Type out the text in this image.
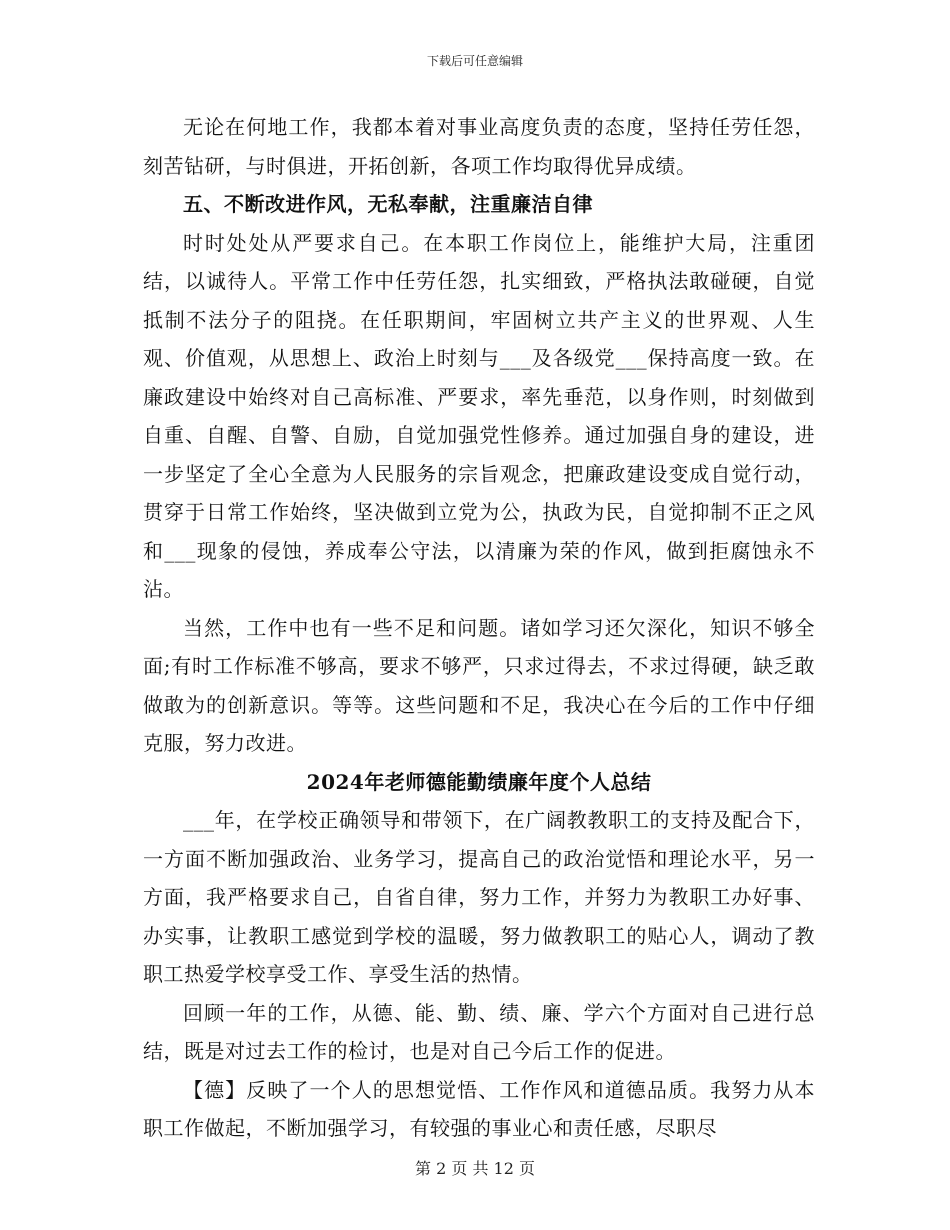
下载后可任意编辑

无论在何地工作，我都本着对事业高度负责的态度，坚持任劳任怨，刻苦钻研，与时俱进，开拓创新，各项工作均取得优异成绩。

五、不断改进作风，无私奉献，注重廉洁自律

时时处处从严要求自己。在本职工作岗位上，能维护大局，注重团结，以诚待人。平常工作中任劳任怨，扎实细致，严格执法敢碰硬，自觉抵制不法分子的阻挠。在任职期间，牢固树立共产主义的世界观、人生观、价值观，从思想上、政治上时刻与___及各级党___保持高度一致。在廉政建设中始终对自己高标准、严要求，率先垂范，以身作则，时刻做到自重、自醒、自警、自励，自觉加强党性修养。通过加强自身的建设，进一步坚定了全心全意为人民服务的宗旨观念，把廉政建设变成自觉行动，贯穿于日常工作始终，坚决做到立党为公，执政为民，自觉抑制不正之风和___现象的侵蚀，养成奉公守法，以清廉为荣的作风，做到拒腐蚀永不沾。

当然，工作中也有一些不足和问题。诸如学习还欠深化，知识不够全面;有时工作标准不够高，要求不够严，只求过得去，不求过得硬，缺乏敢做敢为的创新意识。等等。这些问题和不足，我决心在今后的工作中仔细克服，努力改进。

2024年老师德能勤绩廉年度个人总结

___年，在学校正确领导和带领下，在广阔教教职工的支持及配合下，一方面不断加强政治、业务学习，提高自己的政治觉悟和理论水平，另一方面，我严格要求自己，自省自律，努力工作，并努力为教职工办好事、办实事，让教职工感觉到学校的温暖，努力做教职工的贴心人，调动了教职工热爱学校享受工作、享受生活的热情。

回顾一年的工作，从德、能、勤、绩、廉、学六个方面对自己进行总结，既是对过去工作的检讨，也是对自己今后工作的促进。

【德】反映了一个人的思想觉悟、工作作风和道德品质。我努力从本职工作做起，不断加强学习，有较强的事业心和责任感，尽职尽

第 2 页 共 12 页
